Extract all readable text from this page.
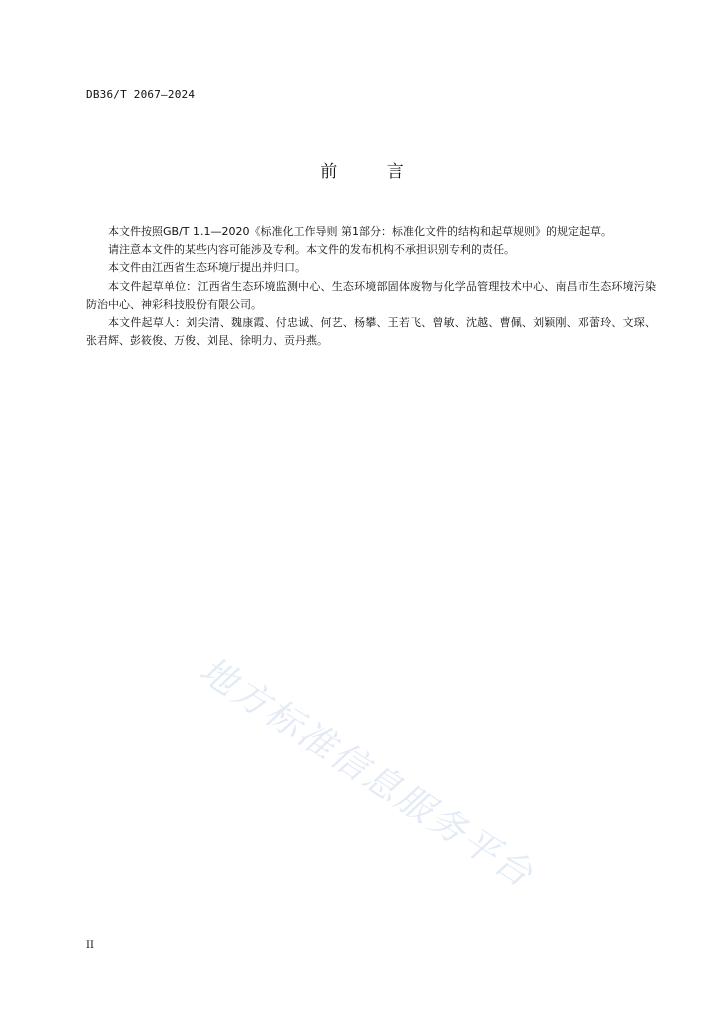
DB36/T 2067—2024
前 言

本文件按照GB/T 1.1—2020《标准化工作导则 第1部分：标准化文件的结构和起草规则》的规定起草。

请注意本文件的某些内容可能涉及专利。本文件的发布机构不承担识别专利的责任。

本文件由江西省生态环境厅提出并归口。

本文件起草单位：江西省生态环境监测中心、生态环境部固体废物与化学品管理技术中心、南昌市生态环境污染防治中心、神彩科技股份有限公司。

本文件起草人：刘尖清、魏康霞、付忠诚、何艺、杨攀、王若飞、曾敏、沈越、曹佩、刘颖刚、邓蕾玲、文琛、张君辉、彭筱俊、万俊、刘昆、徐明力、贡丹燕。

地方标准信息服务平台
II
